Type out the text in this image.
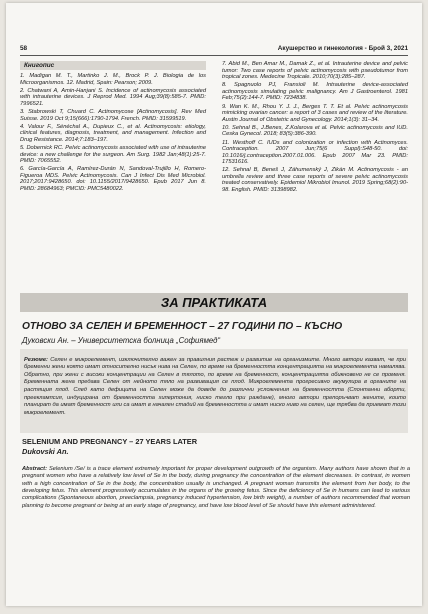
58	Акушерство и гинекология - Брой 3, 2021
Книгопис

1. Madigan M. T., Martinko J. M., Brock P. J. Biologia de los Microorganismos. 12. Madrid, Spain: Pearson; 2009.

2. Chatwani A, Amin-Hanjani S. Incidence of actinomycosis associated with intrauterine devices. J Reprod Med. 1994 Aug;39(8):585-7. PMID: 7996521.

3. Stabrowski T, Chuard C. Actinomycose [Actinomycosis]. Rev Med Suisse. 2019 Oct 9;15(666):1790-1794. French. PMID: 31599519.

4. Valour F., Sénéchal A., Dupieux C., et al. Actinomycosis: etiology, clinical features, diagnosis, treatment, and management. Infection and Drug Resistance. 2014;7:183–197.

5. Dobernick RC. Pelvic actinomycosis associated with use of intrauterine device: a new challenge for the surgeon. Am Surg. 1982 Jan;48(1):25-7. PMID: 7065552.

6. García-García A, Ramírez-Durán N, Sandoval-Trujillo H, Romero-Figueroa MDS. Pelvic Actinomycosis. Can J Infect Dis Med Microbiol. 2017;2017:9428650. doi: 10.1155/2017/9428650. Epub 2017 Jun 8. PMID: 28684963; PMCID: PMC5480022.

7. Abid M., Ben Amar M., Damak Z., et al. Intrauterine device and pelvic tumor: Two case reports of pelvic actinomycosis with pseudotumor from tropical zones. Medecine Tropicale. 2010;70(3):285–287.

8. Spagnuolo PJ, Fransioli M. Intrauterine device-associated actinomycosis simulating pelvic malignancy. Am J Gastroenterol. 1981 Feb;75(2):144-7. PMID: 7234838.

9. Wan K. M., Rhou Y. J. J., Berges T. T. Et al. Pelvic actinomycosis mimicking ovarian cancer: a report of 3 cases and review of the literature. Austin Journal of Obstetric and Gynecology. 2014;1(3): 31–34.

10. Sehnal B., J.Benes, Z.Kolarova et al. Pelvic actinomycosis and IUD. Ceska Gynecol. 2018; 83(5):386-390.

11. Westhoff C. IUDs and colonization or infection with Actinomyces. Contraception. 2007 Jun;75(6 Suppl):S48-50. doi: 10.1016/j.contraception.2007.01.006. Epub 2007 Mar 23. PMID: 17531616.

12. Sehnal B, Beneš J, Záhumenský J, Zikán M. Actinomycosis - an umbrella review and three case reports of severe pelvic actinomycosis treated conservatively. Epidemiol Mikrobiol Imunol. 2019 Spring;68(2):90-98. English. PMID: 31398982.

ЗА ПРАКТИКАТА
ОТНОВО ЗА СЕЛЕН И БРЕМЕННОСТ – 27 ГОДИНИ ПО – КЪСНО
Дуковски Ан. – Университетска болница „Софиямед“

Резюме: Селен е микроелемент, изключително важен за правилния растеж и развитие на организмите. Много автори казват, че при бременни жени която имат относително нисък нива на Селен, по време на бременността концентрацията на микроелемента намалява. Обратно, при жени с високи концентрации на Селен в тялото, по време на бременност, концентрацията обикновено не се променя. Бременната жена предава Селен от нейното тяло на развиващия се плод. Микроелемента прогресивно акумулира в органите на растящия плод. След като дефицита на Селен може да доведе до различни усложнения на бременността (Спонтанни аборти, прееклампсия, индуцирана от бременността хипертония, ниско тегло при раждане), много автори препоръчват жените, които планират да имат бременност или са имат в начален стадий на бременността и имат ниско ниво на селен, ще трябва да приемат този микроелемент.

SELENIUM AND PREGNANCY – 27 YEARS LATER
Dukovski An.

Abstract: Selenium /Se/ is a trace element extremely important for proper development outgrowth of the organism. Many authors have shown that in a pregnant women who have a relatively low level of Se in the body, during pregnancy the concentration of the element decreases. In contrast, in women with a high concentration of Se in the body, the concentration usually is unchanged. A pregnant woman transmits the element from her body, to the developing fetus. This element progressively accumulates in the organs of the growing fetus. Since the deficiency of Se in humans can lead to various complications (Spontaneous abortion, preeclampsia, pregnancy induced hypertension, low birth weight), a number of authors recommended that woman planning to become pregnant or being at an early stage of pregnancy, and have low blood level of Se should have this element administered.
